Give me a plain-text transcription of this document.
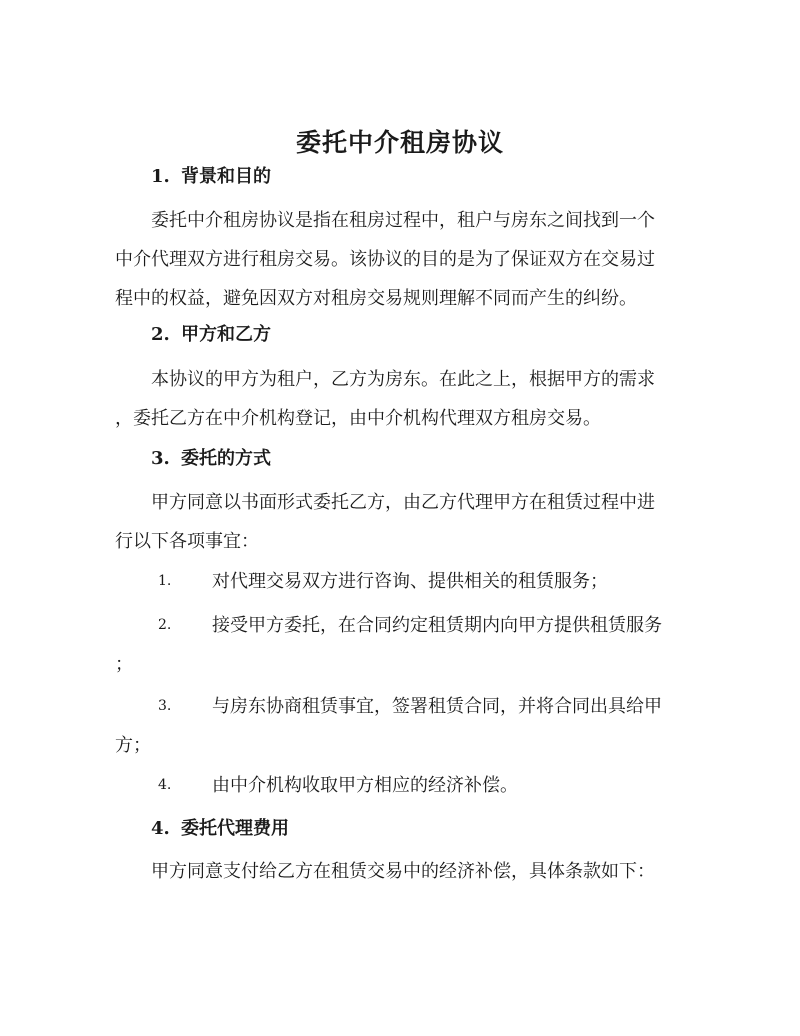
委托中介租房协议
1. 背景和目的
委托中介租房协议是指在租房过程中，租户与房东之间找到一个
中介代理双方进行租房交易。该协议的目的是为了保证双方在交易过
程中的权益，避免因双方对租房交易规则理解不同而产生的纠纷。
2. 甲方和乙方
本协议的甲方为租户，乙方为房东。在此之上，根据甲方的需求
，委托乙方在中介机构登记，由中介机构代理双方租房交易。
3. 委托的方式
甲方同意以书面形式委托乙方，由乙方代理甲方在租赁过程中进
行以下各项事宜：
1.	对代理交易双方进行咨询、提供相关的租赁服务；
2.	接受甲方委托，在合同约定租赁期内向甲方提供租赁服务
；
3.	与房东协商租赁事宜，签署租赁合同，并将合同出具给甲
方；
4.	由中介机构收取甲方相应的经济补偿。
4. 委托代理费用
甲方同意支付给乙方在租赁交易中的经济补偿，具体条款如下：
